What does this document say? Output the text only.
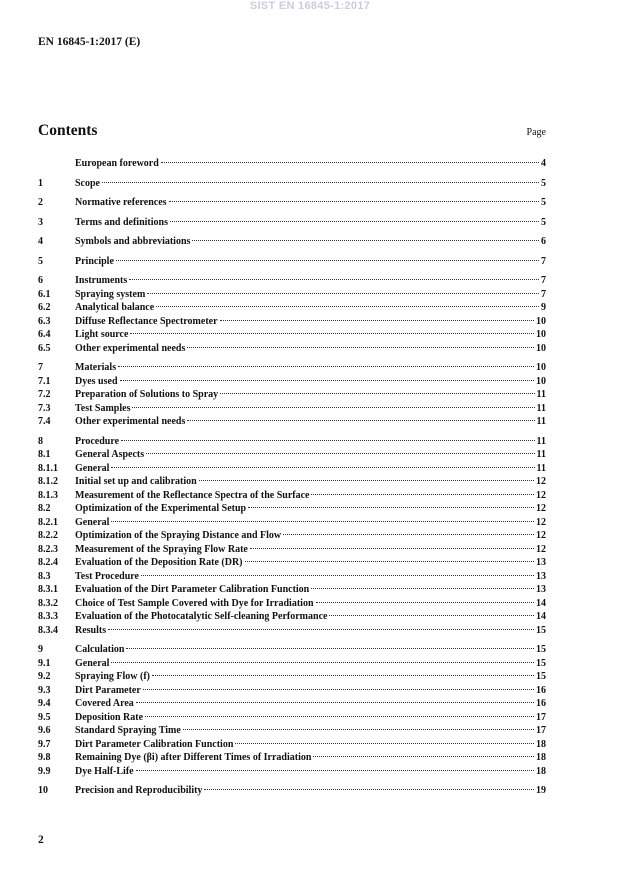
SIST EN 16845-1:2017
EN 16845-1:2017 (E)
Contents	Page
European foreword	4
1	Scope	5
2	Normative references	5
3	Terms and definitions	5
4	Symbols and abbreviations	6
5	Principle	7
6	Instruments	7
6.1	Spraying system	7
6.2	Analytical balance	9
6.3	Diffuse Reflectance Spectrometer	10
6.4	Light source	10
6.5	Other experimental needs	10
7	Materials	10
7.1	Dyes used	10
7.2	Preparation of Solutions to Spray	11
7.3	Test Samples	11
7.4	Other experimental needs	11
8	Procedure	11
8.1	General Aspects	11
8.1.1	General	11
8.1.2	Initial set up and calibration	12
8.1.3	Measurement of the Reflectance Spectra of the Surface	12
8.2	Optimization of the Experimental Setup	12
8.2.1	General	12
8.2.2	Optimization of the Spraying Distance and Flow	12
8.2.3	Measurement of the Spraying Flow Rate	12
8.2.4	Evaluation of the Deposition Rate (DR)	13
8.3	Test Procedure	13
8.3.1	Evaluation of the Dirt Parameter Calibration Function	13
8.3.2	Choice of Test Sample Covered with Dye for Irradiation	14
8.3.3	Evaluation of the Photocatalytic Self-cleaning Performance	14
8.3.4	Results	15
9	Calculation	15
9.1	General	15
9.2	Spraying Flow (f)	15
9.3	Dirt Parameter	16
9.4	Covered Area	16
9.5	Deposition Rate	17
9.6	Standard Spraying Time	17
9.7	Dirt Parameter Calibration Function	18
9.8	Remaining Dye (βi) after Different Times of Irradiation	18
9.9	Dye Half-Life	18
10	Precision and Reproducibility	19
2
